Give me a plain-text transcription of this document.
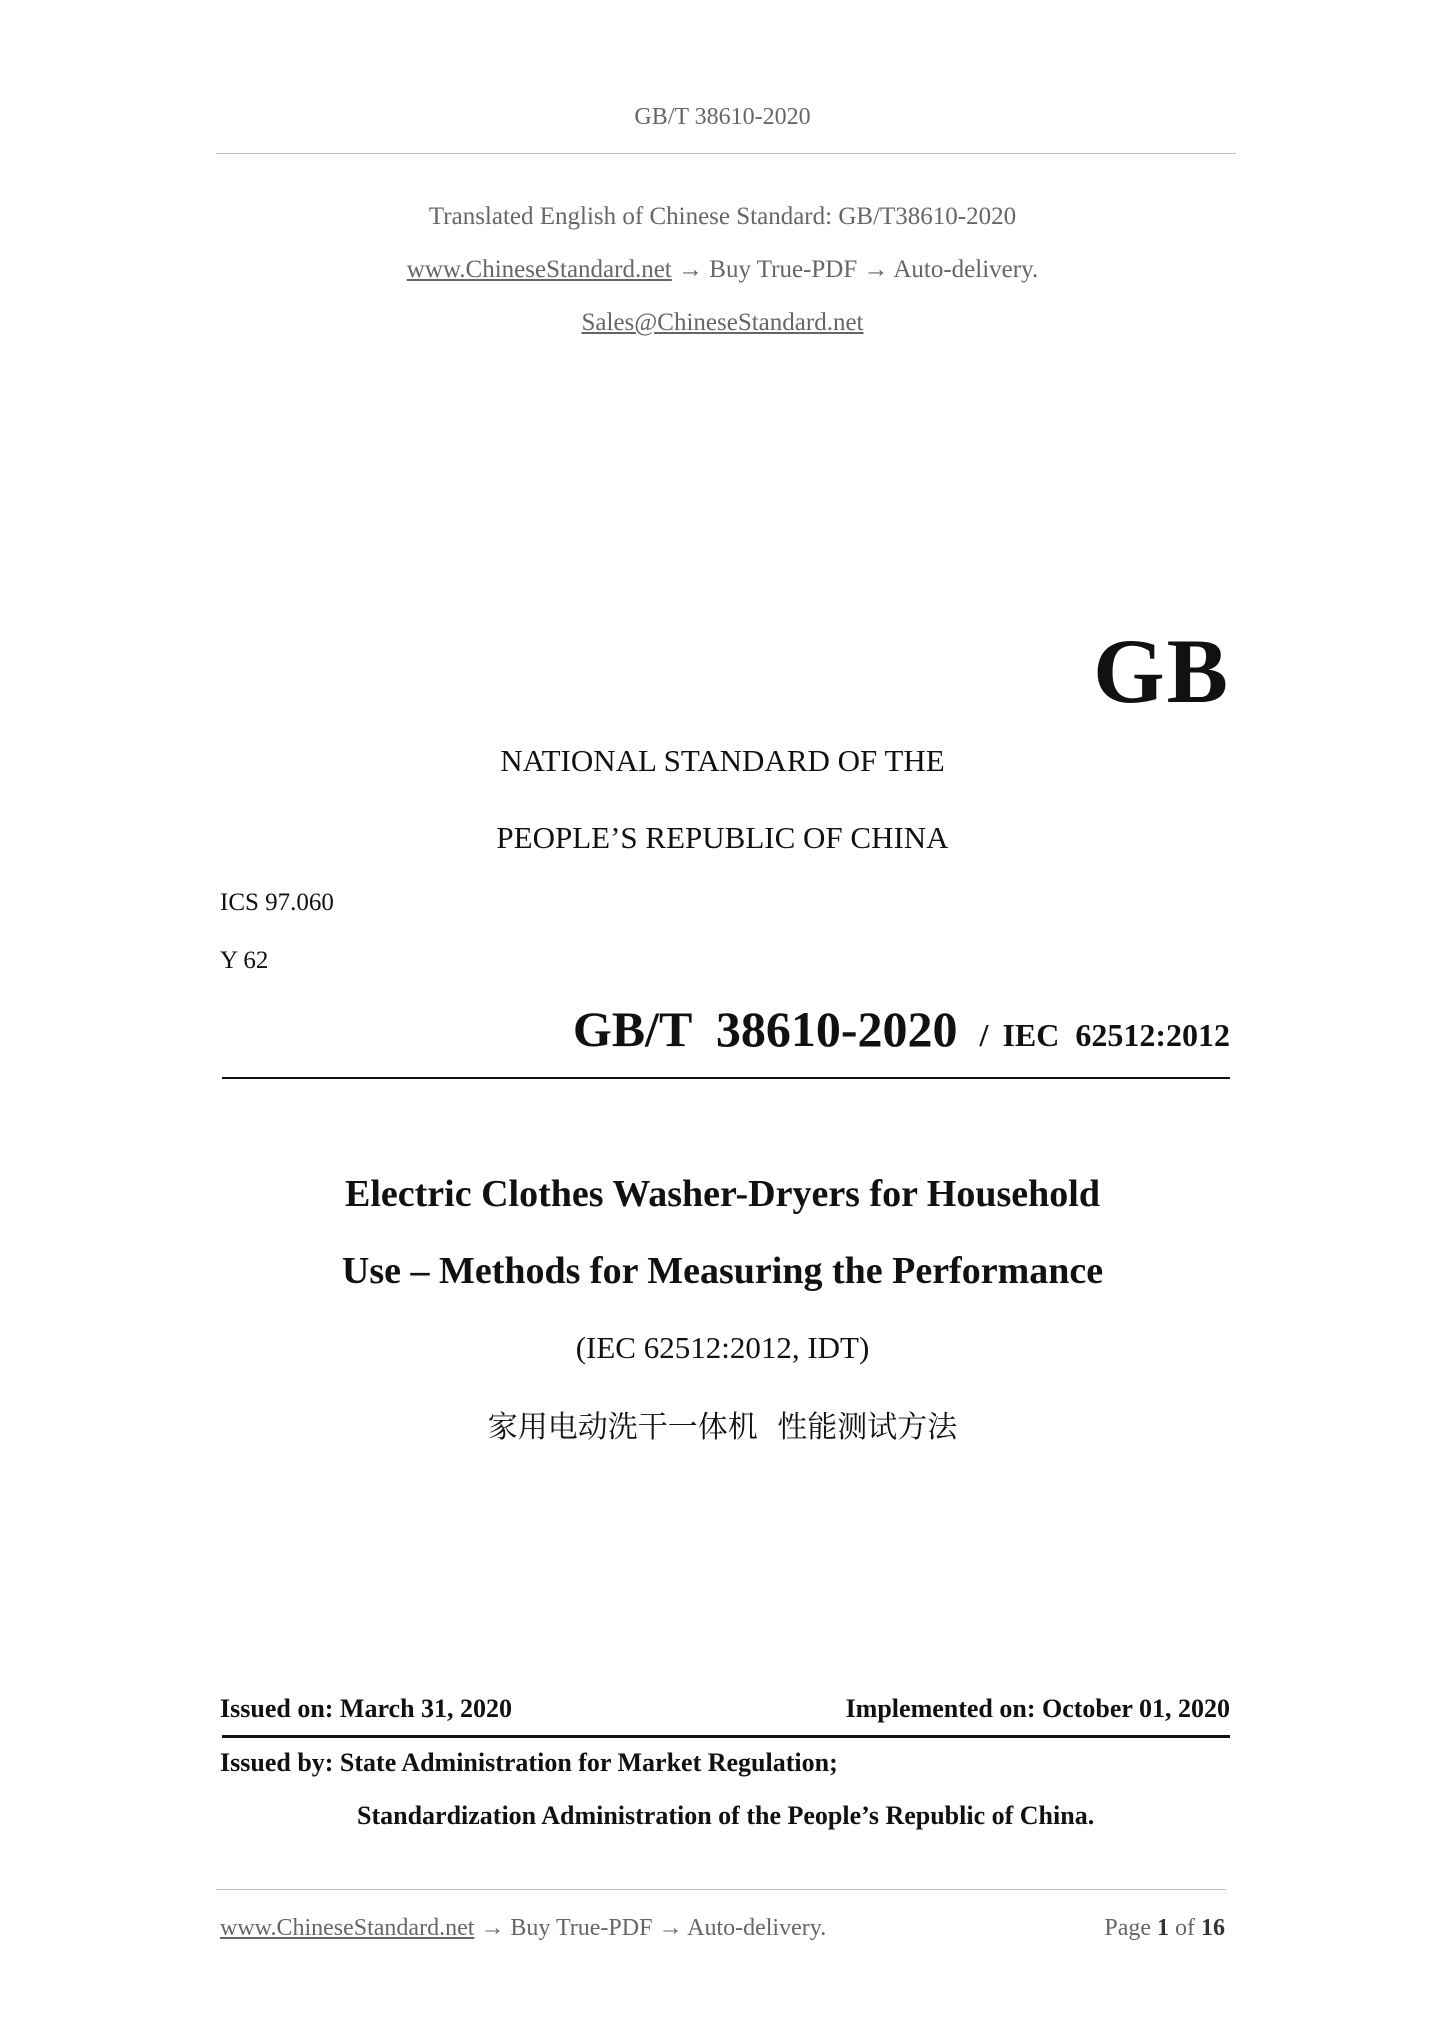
GB/T 38610-2020
Translated English of Chinese Standard: GB/T38610-2020
www.ChineseStandard.net → Buy True-PDF → Auto-delivery.
Sales@ChineseStandard.net
GB
NATIONAL STANDARD OF THE
PEOPLE’S REPUBLIC OF CHINA
ICS 97.060
Y 62
GB/T 38610-2020 / IEC 62512:2012
Electric Clothes Washer-Dryers for Household
Use – Methods for Measuring the Performance
(IEC 62512:2012, IDT)
家用电动洗干一体机 性能测试方法
Issued on: March 31, 2020	Implemented on: October 01, 2020
Issued by: State Administration for Market Regulation;
Standardization Administration of the People’s Republic of China.
www.ChineseStandard.net → Buy True-PDF → Auto-delivery.	Page 1 of 16
